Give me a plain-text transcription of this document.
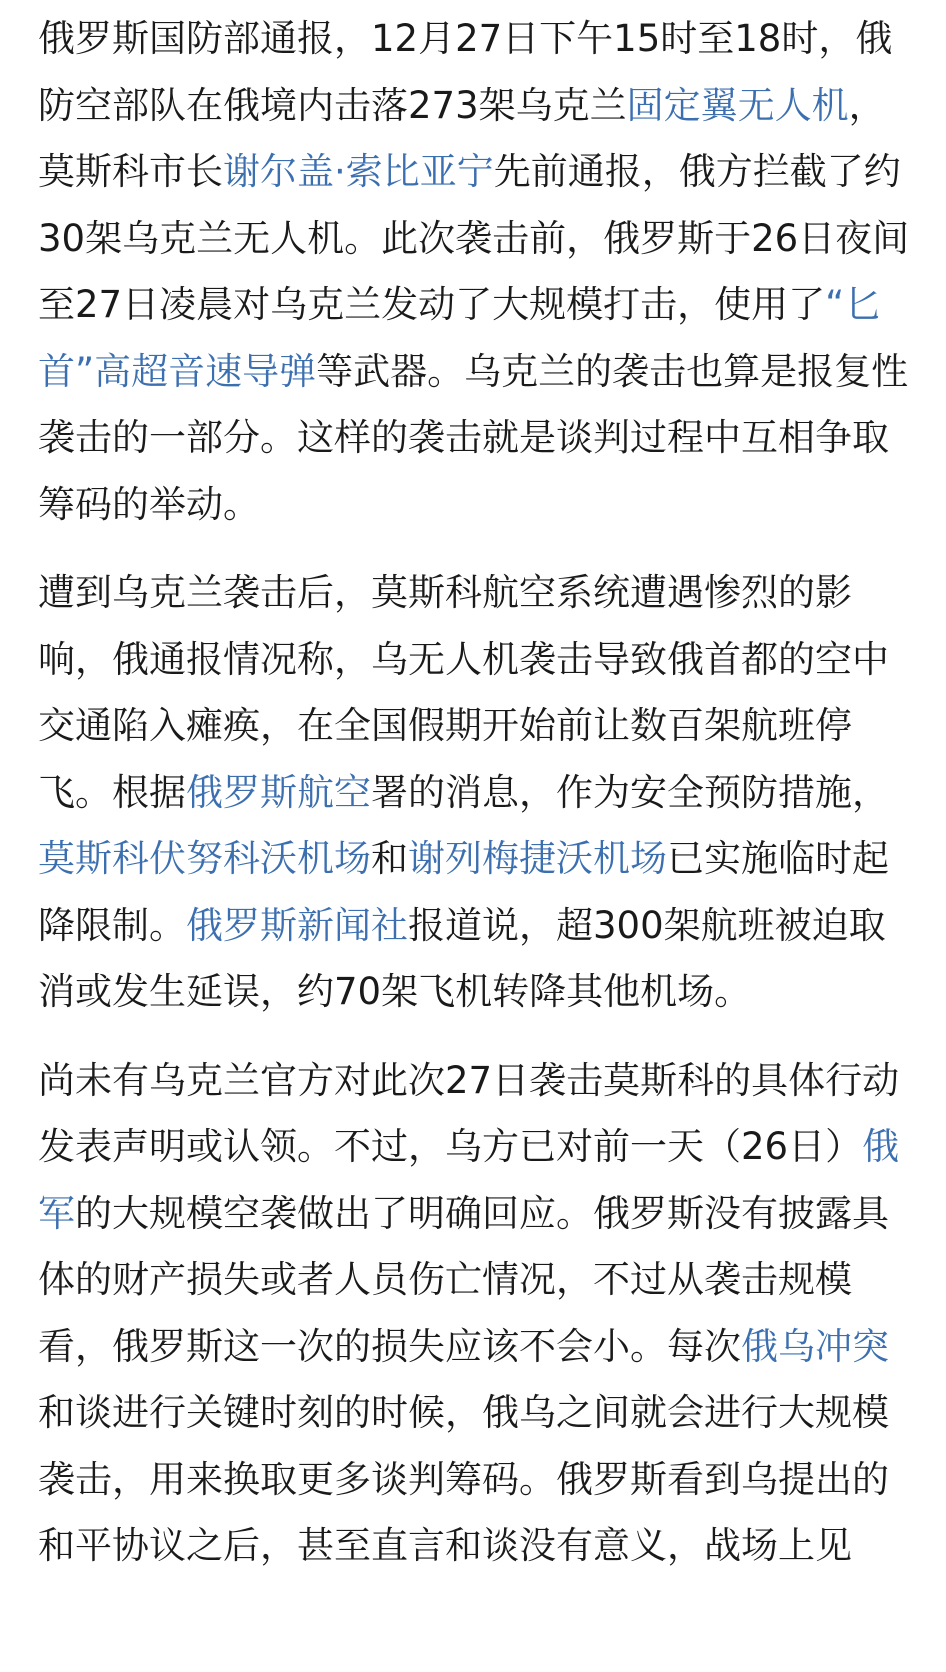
俄罗斯国防部通报，12月27日下午15时至18时，俄防空部队在俄境内击落273架乌克兰固定翼无人机，莫斯科市长谢尔盖·索比亚宁先前通报，俄方拦截了约30架乌克兰无人机。此次袭击前，俄罗斯于26日夜间至27日凌晨对乌克兰发动了大规模打击，使用了“匕首”高超音速导弹等武器。乌克兰的袭击也算是报复性袭击的一部分。这样的袭击就是谈判过程中互相争取筹码的举动。

遭到乌克兰袭击后，莫斯科航空系统遭遇惨烈的影响，俄通报情况称，乌无人机袭击导致俄首都的空中交通陷入瘫痪，在全国假期开始前让数百架航班停飞。根据俄罗斯航空署的消息，作为安全预防措施，莫斯科伏努科沃机场和谢列梅捷沃机场已实施临时起降限制。俄罗斯新闻社报道说，超300架航班被迫取消或发生延误，约70架飞机转降其他机场。

尚未有乌克兰官方对此次27日袭击莫斯科的具体行动发表声明或认领。不过，乌方已对前一天（26日）俄军的大规模空袭做出了明确回应。俄罗斯没有披露具体的财产损失或者人员伤亡情况，不过从袭击规模看，俄罗斯这一次的损失应该不会小。每次俄乌冲突和谈进行关键时刻的时候，俄乌之间就会进行大规模袭击，用来换取更多谈判筹码。俄罗斯看到乌提出的和平协议之后，甚至直言和谈没有意义，战场上见
